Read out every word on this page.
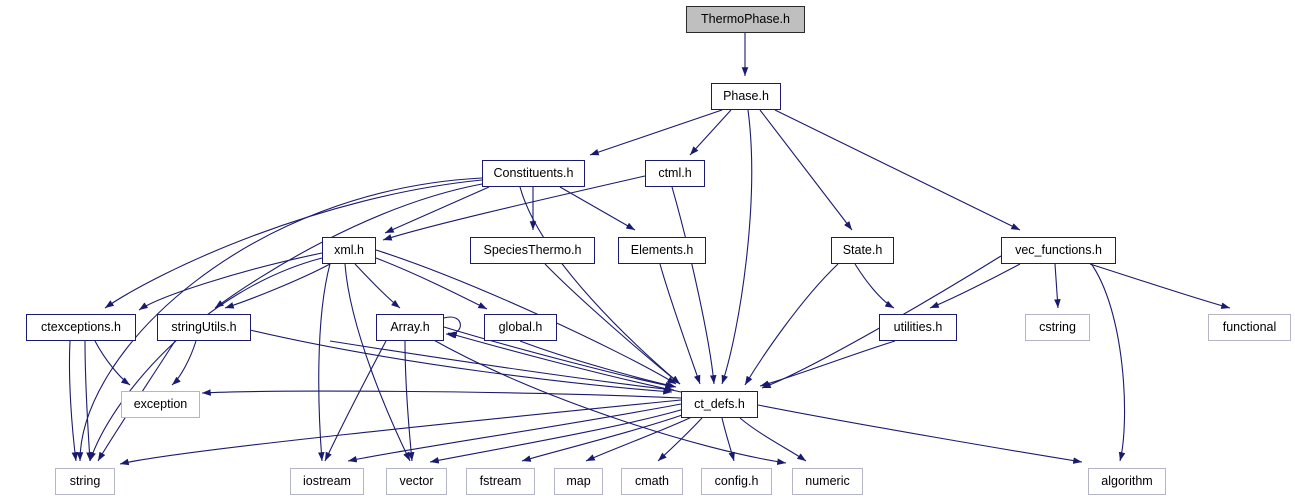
ThermoPhase.h
Phase.h
Constituents.h	ctml.h
xml.h	SpeciesThermo.h	Elements.h	State.h	vec_functions.h
ctexceptions.h	stringUtils.h	Array.h	global.h	utilities.h	cstring	functional
exception	ct_defs.h
string	iostream	vector	fstream	map	cmath	config.h	numeric	algorithm
